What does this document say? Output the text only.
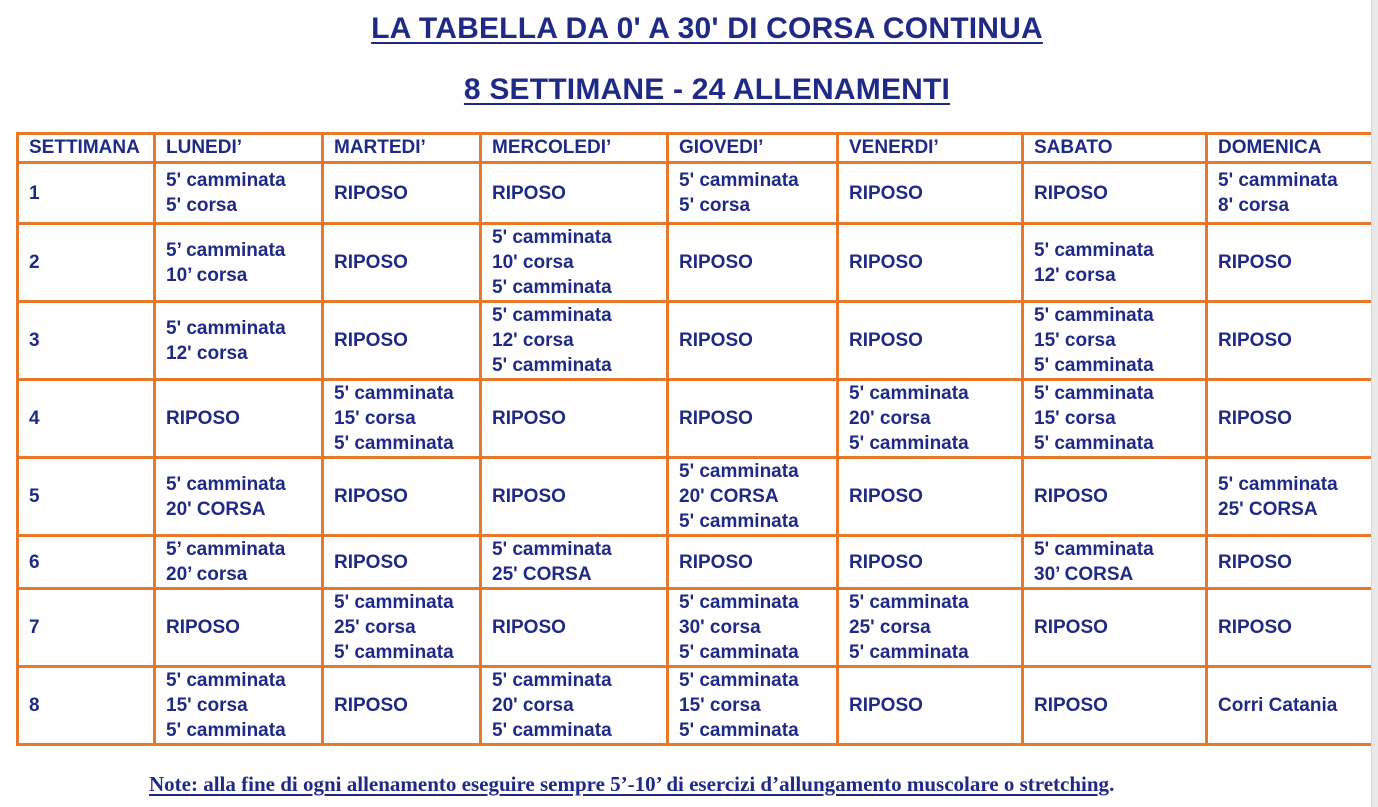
LA TABELLA DA 0' A 30' DI CORSA CONTINUA
8 SETTIMANE - 24 ALLENAMENTI
SETTIMANA	LUNEDI’	MARTEDI’	MERCOLEDI’	GIOVEDI’	VENERDI’	SABATO	DOMENICA
1	5' camminata
5' corsa	RIPOSO	RIPOSO	5' camminata
5' corsa	RIPOSO	RIPOSO	5' camminata
8' corsa

2	5’ camminata
10’ corsa	RIPOSO	5' camminata
10' corsa
5' camminata	RIPOSO	RIPOSO	5' camminata
12' corsa	RIPOSO

3	5' camminata
12' corsa	RIPOSO	5' camminata
12' corsa
5' camminata	RIPOSO	RIPOSO	5' camminata
15' corsa
5' camminata	RIPOSO

4	RIPOSO	5' camminata
15' corsa
5' camminata	RIPOSO	RIPOSO	5' camminata
20' corsa
5' camminata	5' camminata
15' corsa
5' camminata	RIPOSO

5	5' camminata
20' CORSA	RIPOSO	RIPOSO	5' camminata
20' CORSA
5' camminata	RIPOSO	RIPOSO	5' camminata
25' CORSA

6	5’ camminata
20’ corsa	RIPOSO	5' camminata
25' CORSA	RIPOSO	RIPOSO	5' camminata
30’ CORSA	RIPOSO

7	RIPOSO	5' camminata
25' corsa
5' camminata	RIPOSO	5' camminata
30' corsa
5' camminata	5' camminata
25' corsa
5' camminata	RIPOSO	RIPOSO

8	5' camminata
15' corsa
5' camminata	RIPOSO	5' camminata
20' corsa
5' camminata	5' camminata
15' corsa
5' camminata	RIPOSO	RIPOSO	Corri Catania
Note: alla fine di ogni allenamento eseguire sempre 5’-10’ di esercizi d’allungamento muscolare o stretching.
